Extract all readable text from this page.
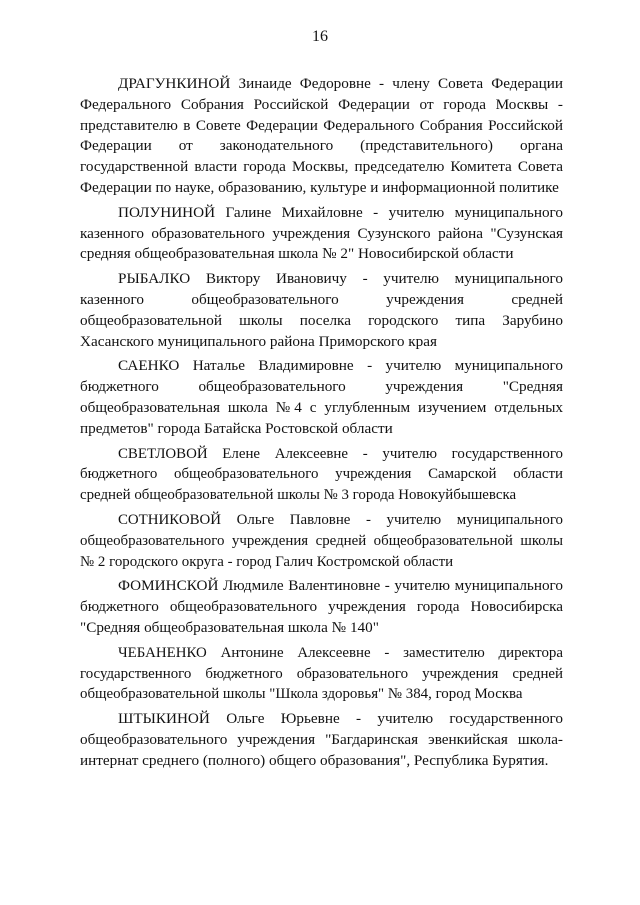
16

ДРАГУНКИНОЙ Зинаиде Федоровне - члену Совета Федерации Федерального Собрания Российской Федерации от города Москвы - представителю в Совете Федерации Федерального Собрания Российской Федерации от законодательного (представительного) органа государственной власти города Москвы, председателю Комитета Совета Федерации по науке, образованию, культуре и информационной политике

ПОЛУНИНОЙ Галине Михайловне - учителю муниципального казенного образовательного учреждения Сузунского района "Сузунская средняя общеобразовательная школа № 2" Новосибирской области

РЫБАЛКО Виктору Ивановичу - учителю муниципального казенного общеобразовательного учреждения средней общеобразовательной школы поселка городского типа Зарубино Хасанского муниципального района Приморского края

САЕНКО Наталье Владимировне - учителю муниципального бюджетного общеобразовательного учреждения "Средняя общеобразовательная школа №4 с углубленным изучением отдельных предметов" города Батайска Ростовской области

СВЕТЛОВОЙ Елене Алексеевне - учителю государственного бюджетного общеобразовательного учреждения Самарской области средней общеобразовательной школы № 3 города Новокуйбышевска

СОТНИКОВОЙ Ольге Павловне - учителю муниципального общеобразовательного учреждения средней общеобразовательной школы № 2 городского округа - город Галич Костромской области

ФОМИНСКОЙ Людмиле Валентиновне - учителю муниципального бюджетного общеобразовательного учреждения города Новосибирска "Средняя общеобразовательная школа № 140"

ЧЕБАНЕНКО Антонине Алексеевне - заместителю директора государственного бюджетного образовательного учреждения средней общеобразовательной школы "Школа здоровья" № 384, город Москва

ШТЫКИНОЙ Ольге Юрьевне - учителю государственного общеобразовательного учреждения "Багдаринская эвенкийская школа-интернат среднего (полного) общего образования", Республика Бурятия.
